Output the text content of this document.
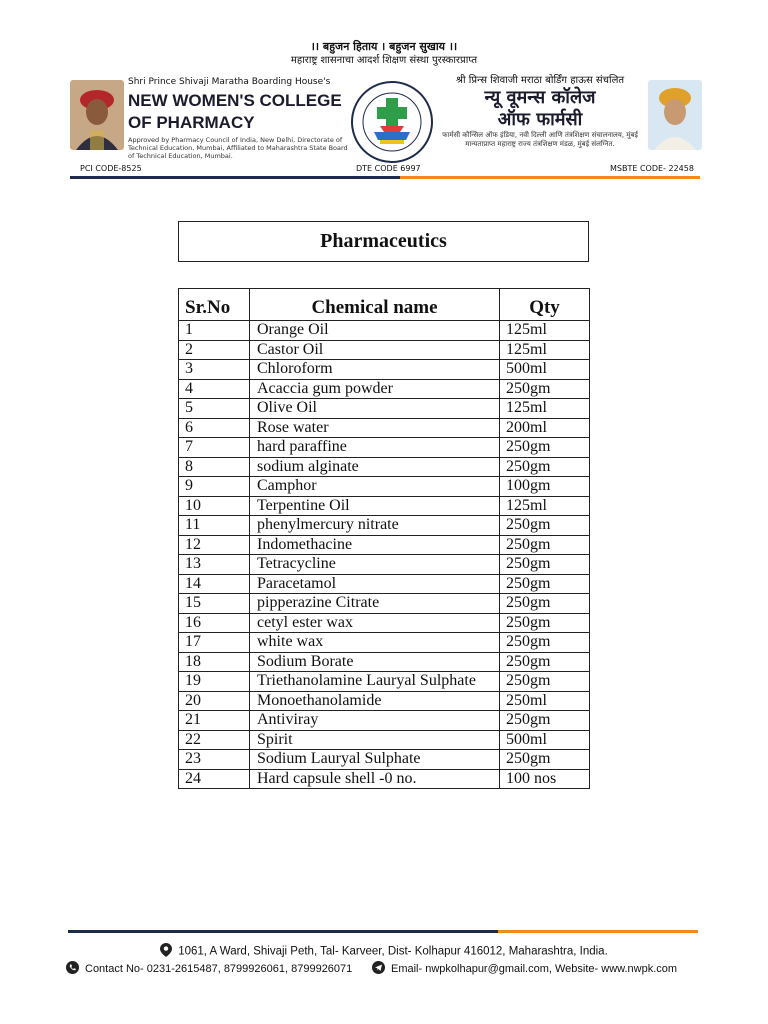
।। बहुजन हिताय । बहुजन सुखाय ।।
महाराष्ट्र शासनाचा आदर्श शिक्षण संस्था पुरस्कारप्राप्त
Shri Prince Shivaji Maratha Boarding House's
NEW WOMEN'S COLLEGE
OF PHARMACY
Approved by Pharmacy Council of India, New Delhi, Directorate of Technical Education, Mumbai, Affiliated to Maharashtra State Board of Technical Education, Mumbai.
श्री प्रिन्स शिवाजी मराठा बोर्डिंग हाऊस संचलित
न्यू वूमन्स कॉलेज
ऑफ फार्मसी
फार्मसी कौन्सिल ऑफ इंडिया, नवी दिल्ली आणि तंत्रशिक्षण संचालनालय, मुंबई मान्यताप्राप्त महाराष्ट्र राज्य तंत्रशिक्षण मंडळ, मुंबई संलग्नित.
PCI CODE-8525	DTE CODE 6997	MSBTE CODE- 22458
Pharmaceutics
Sr.No	Chemical name	Qty
1	Orange Oil	125ml
2	Castor Oil	125ml
3	Chloroform	500ml
4	Acaccia gum powder	250gm
5	Olive Oil	125ml
6	Rose water	200ml
7	hard paraffine	250gm
8	sodium alginate	250gm
9	Camphor	100gm
10	Terpentine Oil	125ml
11	phenylmercury nitrate	250gm
12	Indomethacine	250gm
13	Tetracycline	250gm
14	Paracetamol	250gm
15	pipperazine Citrate	250gm
16	cetyl ester wax	250gm
17	white wax	250gm
18	Sodium Borate	250gm
19	Triethanolamine Lauryal Sulphate	250gm
20	Monoethanolamide	250ml
21	Antiviray	250gm
22	Spirit	500ml
23	Sodium Lauryal Sulphate	250gm
24	Hard capsule shell -0 no.	100 nos
1061, A Ward, Shivaji Peth, Tal- Karveer, Dist- Kolhapur 416012, Maharashtra, India.
Contact No- 0231-2615487, 8799926061, 8799926071	Email- nwpkolhapur@gmail.com, Website- www.nwpk.com
